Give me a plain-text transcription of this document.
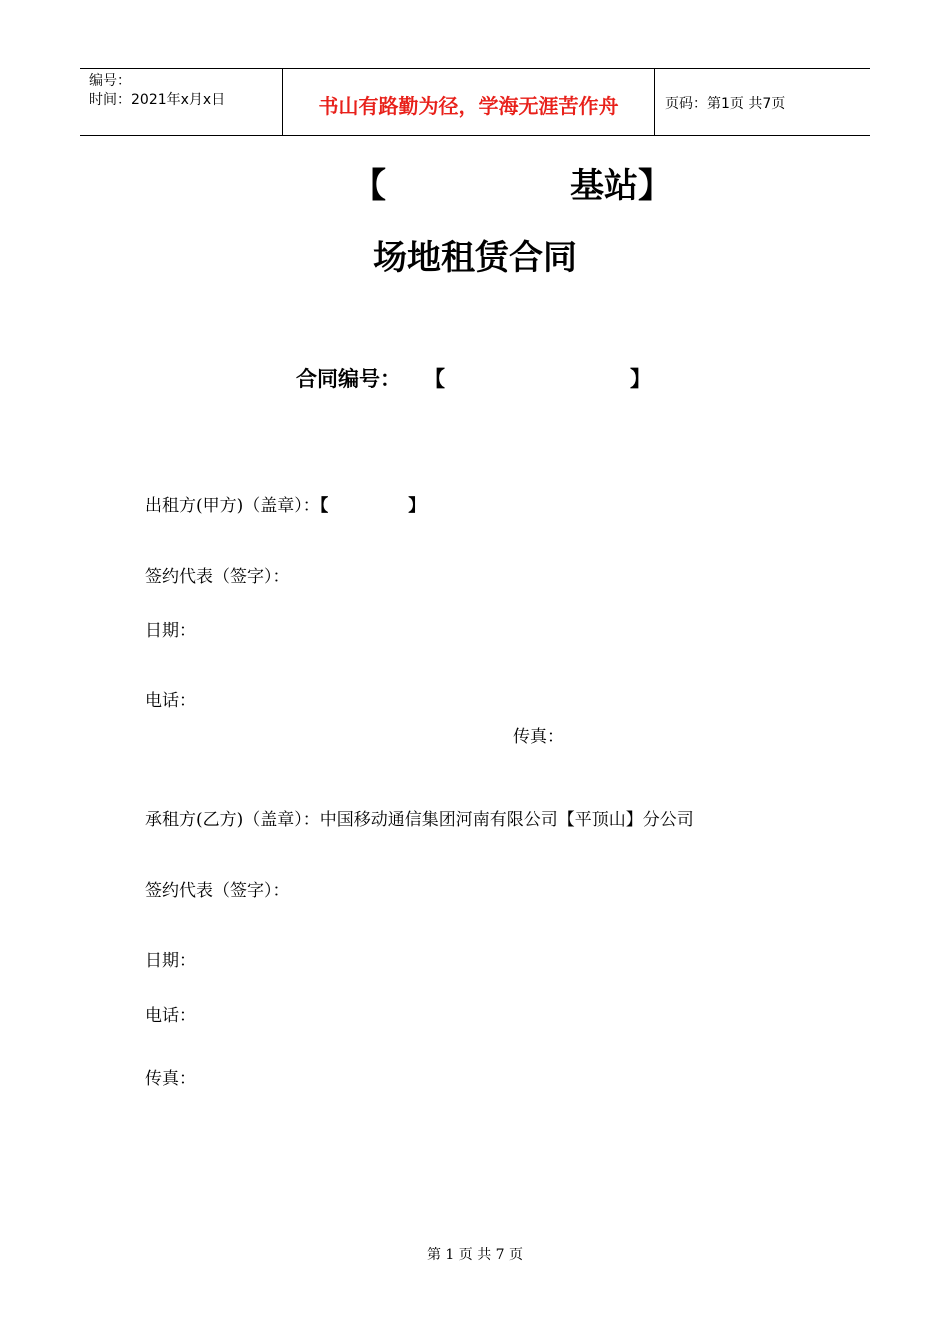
编号：
时间：2021年x月x日	书山有路勤为径，学海无涯苦作舟	页码：第1页 共7页
【	基站】
场地租赁合同
合同编号： 【	】
出租方(甲方)（盖章）：【	】
签约代表（签字）：
日期：
电话：
传真：
承租方(乙方)（盖章）：中国移动通信集团河南有限公司【平顶山】分公司
签约代表（签字）：
日期：
电话：
传真：
第 1 页 共 7 页
